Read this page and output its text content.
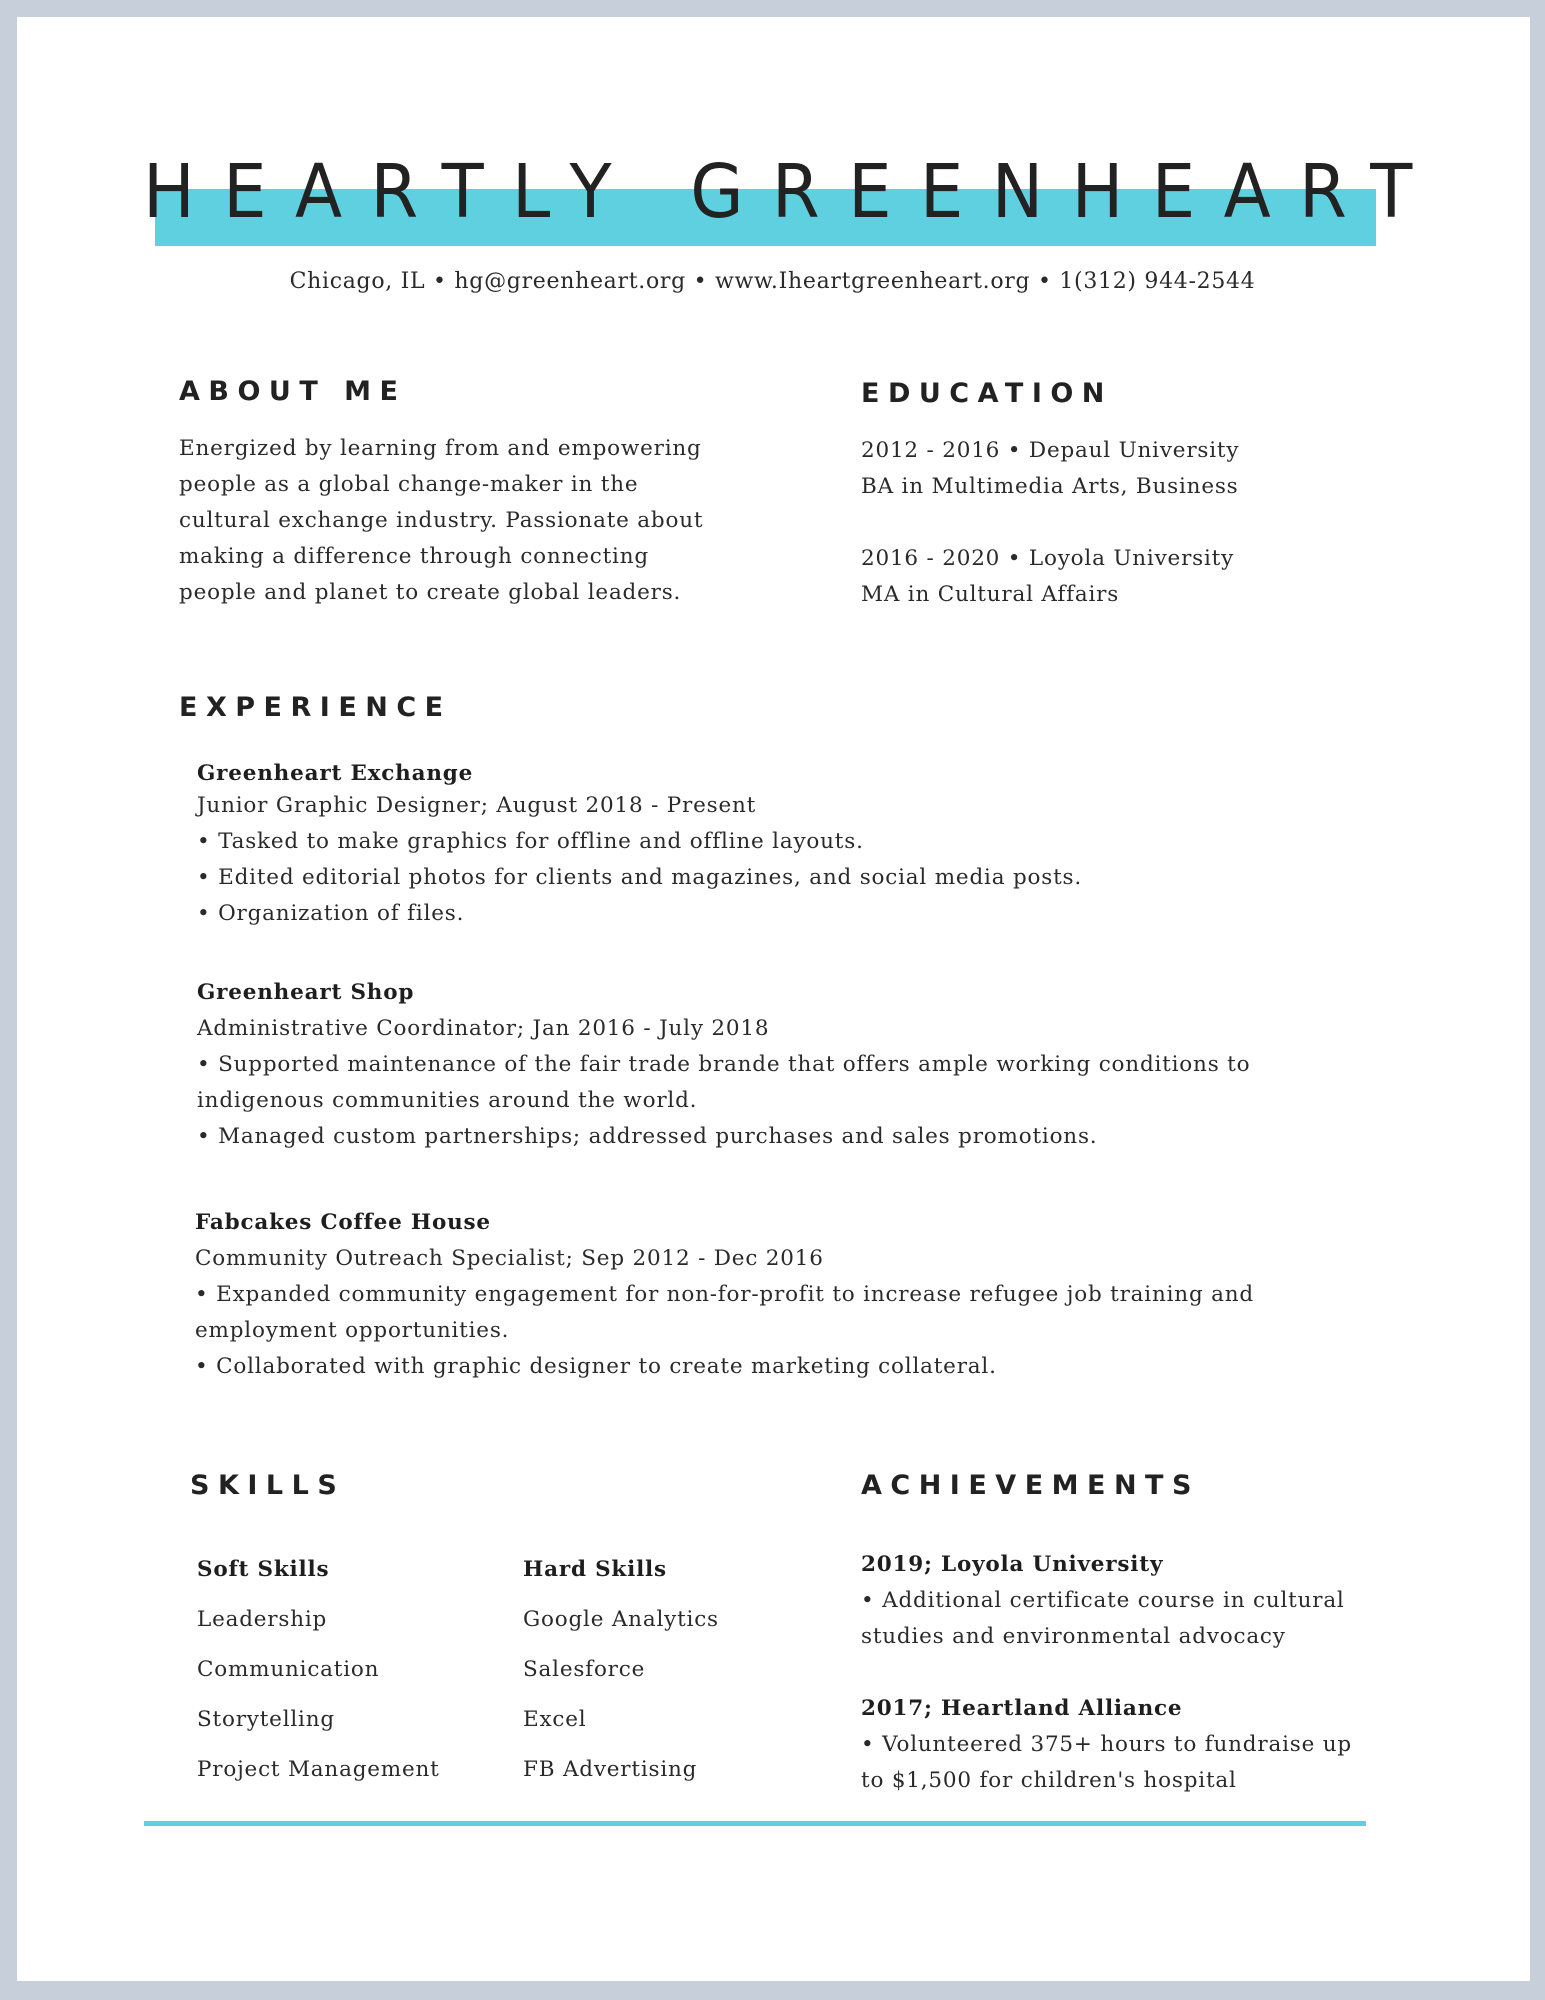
HEARTLY GREENHEART
Chicago, IL • hg@greenheart.org • www.Iheartgreenheart.org • 1(312) 944-2544
ABOUT ME
Energized by learning from and empowering
people as a global change-maker in the
cultural exchange industry. Passionate about
making a difference through connecting
people and planet to create global leaders.
EDUCATION
2012 - 2016 • Depaul University
BA in Multimedia Arts, Business
2016 - 2020 • Loyola University
MA in Cultural Affairs
EXPERIENCE
Greenheart Exchange
Junior Graphic Designer; August 2018 - Present
• Tasked to make graphics for offline and offline layouts.
• Edited editorial photos for clients and magazines, and social media posts.
• Organization of files.
Greenheart Shop
Administrative Coordinator; Jan 2016 - July 2018
• Supported maintenance of the fair trade brande that offers ample working conditions to
indigenous communities around the world.
• Managed custom partnerships; addressed purchases and sales promotions.
Fabcakes Coffee House
Community Outreach Specialist; Sep 2012 - Dec 2016
• Expanded community engagement for non-for-profit to increase refugee job training and
employment opportunities.
• Collaborated with graphic designer to create marketing collateral.
SKILLS
Soft Skills
Leadership
Communication
Storytelling
Project Management
Hard Skills
Google Analytics
Salesforce
Excel
FB Advertising
ACHIEVEMENTS
2019; Loyola University
• Additional certificate course in cultural
studies and environmental advocacy
2017; Heartland Alliance
• Volunteered 375+ hours to fundraise up
to $1,500 for children's hospital
